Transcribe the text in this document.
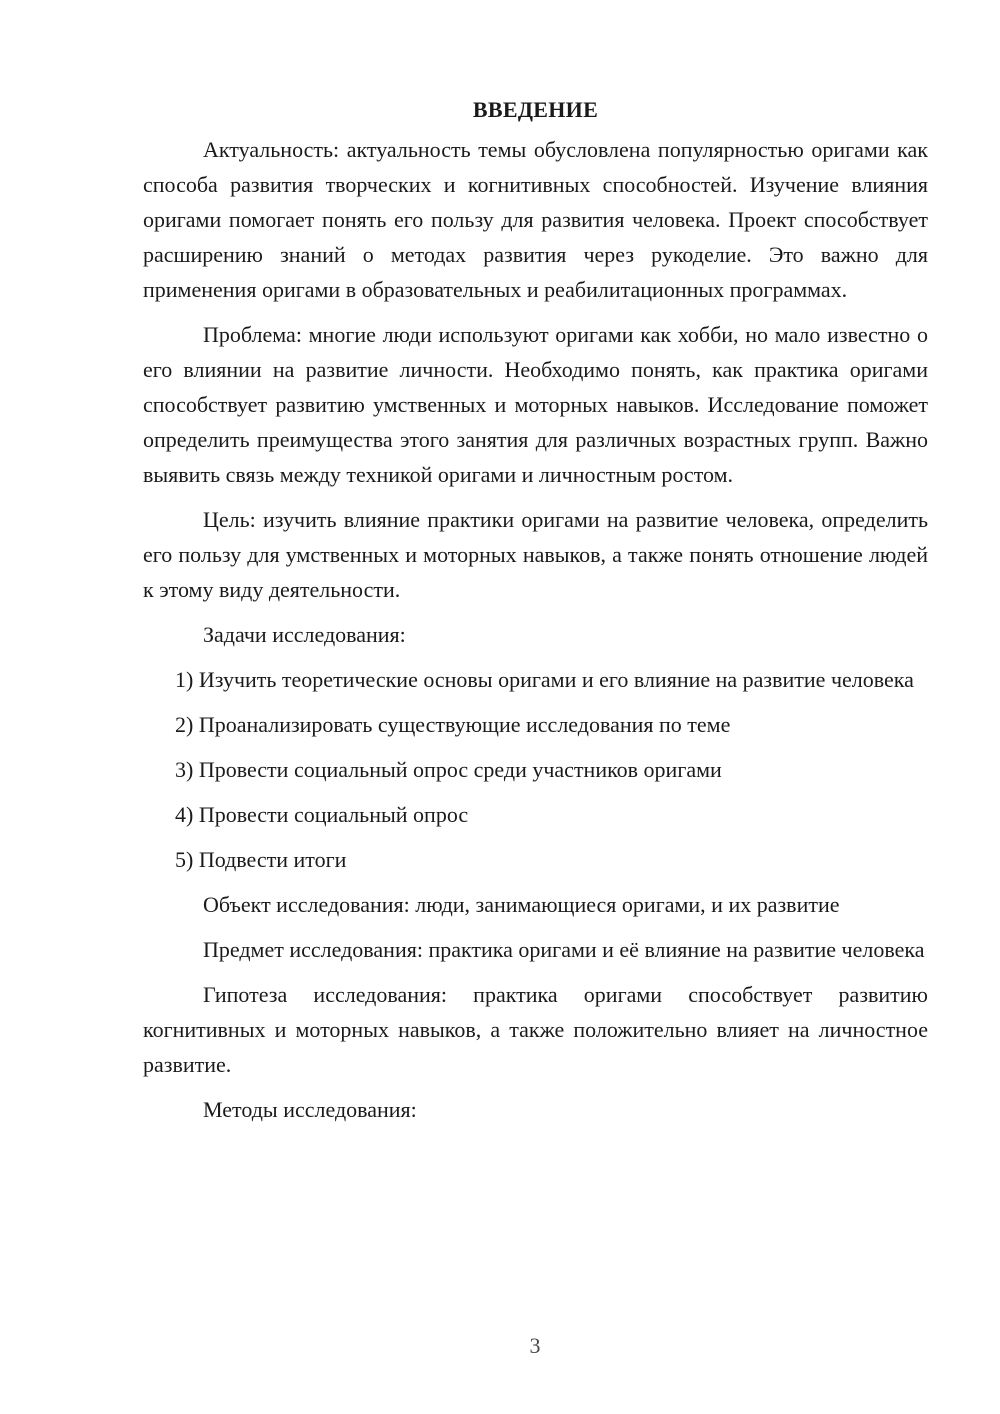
ВВЕДЕНИЕ

Актуальность: актуальность темы обусловлена популярностью оригами как способа развития творческих и когнитивных способностей. Изучение влияния оригами помогает понять его пользу для развития человека. Проект способствует расширению знаний о методах развития через рукоделие. Это важно для применения оригами в образовательных и реабилитационных программах.

Проблема: многие люди используют оригами как хобби, но мало известно о его влиянии на развитие личности. Необходимо понять, как практика оригами способствует развитию умственных и моторных навыков. Исследование поможет определить преимущества этого занятия для различных возрастных групп. Важно выявить связь между техникой оригами и личностным ростом.

Цель: изучить влияние практики оригами на развитие человека, определить его пользу для умственных и моторных навыков, а также понять отношение людей к этому виду деятельности.

Задачи исследования:

1) Изучить теоретические основы оригами и его влияние на развитие человека

2) Проанализировать существующие исследования по теме

3) Провести социальный опрос среди участников оригами

4) Провести социальный опрос

5) Подвести итоги

Объект исследования: люди, занимающиеся оригами, и их развитие

Предмет исследования: практика оригами и её влияние на развитие человека

Гипотеза исследования: практика оригами способствует развитию когнитивных и моторных навыков, а также положительно влияет на личностное развитие.

Методы исследования:

3
